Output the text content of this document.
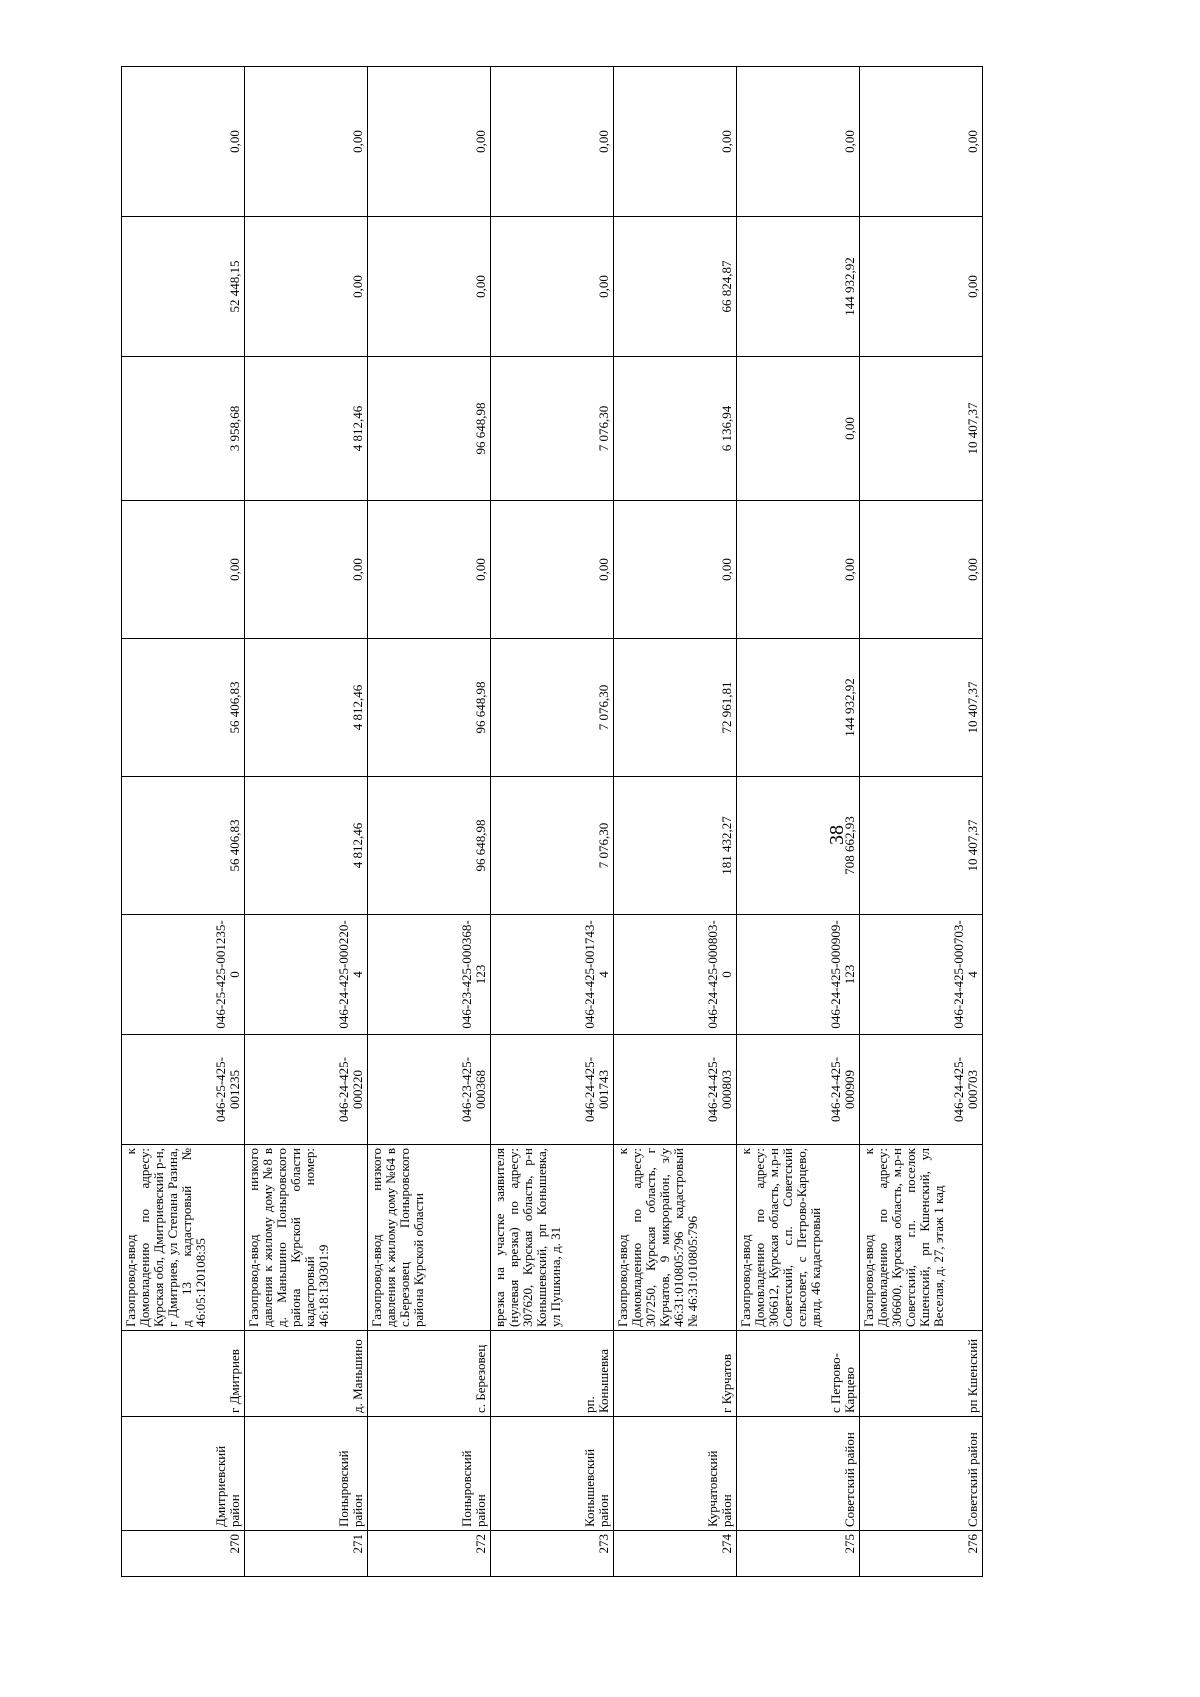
38
270	Дмитриевский район	г Дмитриев	Газопровод-ввод к Домовладению по адресу: Курская обл, Дмитриевский р-н, г Дмитриев, ул Степана Разина, д 13 кадастровый № 46:05:120108:35	046-25-425-001235	046-25-425-001235-0	56 406,83	56 406,83	0,00	3 958,68	52 448,15	0,00
271	Поныровский район	д. Маньшино	Газопровод-ввод низкого давления к жилому дому №8 в д. Маньшино Поныровского района Курской области кадастровый номер: 46:18:130301:9	046-24-425-000220	046-24-425-000220-4	4 812,46	4 812,46	0,00	4 812,46	0,00	0,00
272	Поныровский район	с. Березовец	Газопровод-ввод низкого давления к жилому дому №64 в с.Березовец Поныровского района Курской области	046-23-425-000368	046-23-425-000368-123	96 648,98	96 648,98	0,00	96 648,98	0,00	0,00
273	Конышевский район	рп. Конышевка	врезка на участке заявителя (нулевая врезка) по адресу: 307620, Курская область, р-н Конышевский, рп Конышевка, ул Пушкина, д. 31	046-24-425-001743	046-24-425-001743-4	7 076,30	7 076,30	0,00	7 076,30	0,00	0,00
274	Курчатовский район	г Курчатов	Газопровод-ввод к Домовладению по адресу: 307250, Курская область, г Курчатов, 9 микрорайон, з/у 46:31:010805:796 кадастровый № 46:31:010805:796	046-24-425-000803	046-24-425-000803-0	181 432,27	72 961,81	0,00	6 136,94	66 824,87	0,00
275	Советский район	с Петрово-Карцево	Газопровод-ввод к Домовладению по адресу: 306612, Курская область, м.р-н Советский, с.п. Советский сельсовет, с Петрово-Карцево, двлд. 46 кадастровый	046-24-425-000909	046-24-425-000909-123	708 662,93	144 932,92	0,00	0,00	144 932,92	0,00
276	Советский район	рп Кшенский	Газопровод-ввод к Домовладению по адресу: 306600, Курская область, м.р-н Советский, г.п. поселок Кшенский, рп Кшенский, ул Веселая, д. 27, этаж 1 кад	046-24-425-000703	046-24-425-000703-4	10 407,37	10 407,37	0,00	10 407,37	0,00	0,00
